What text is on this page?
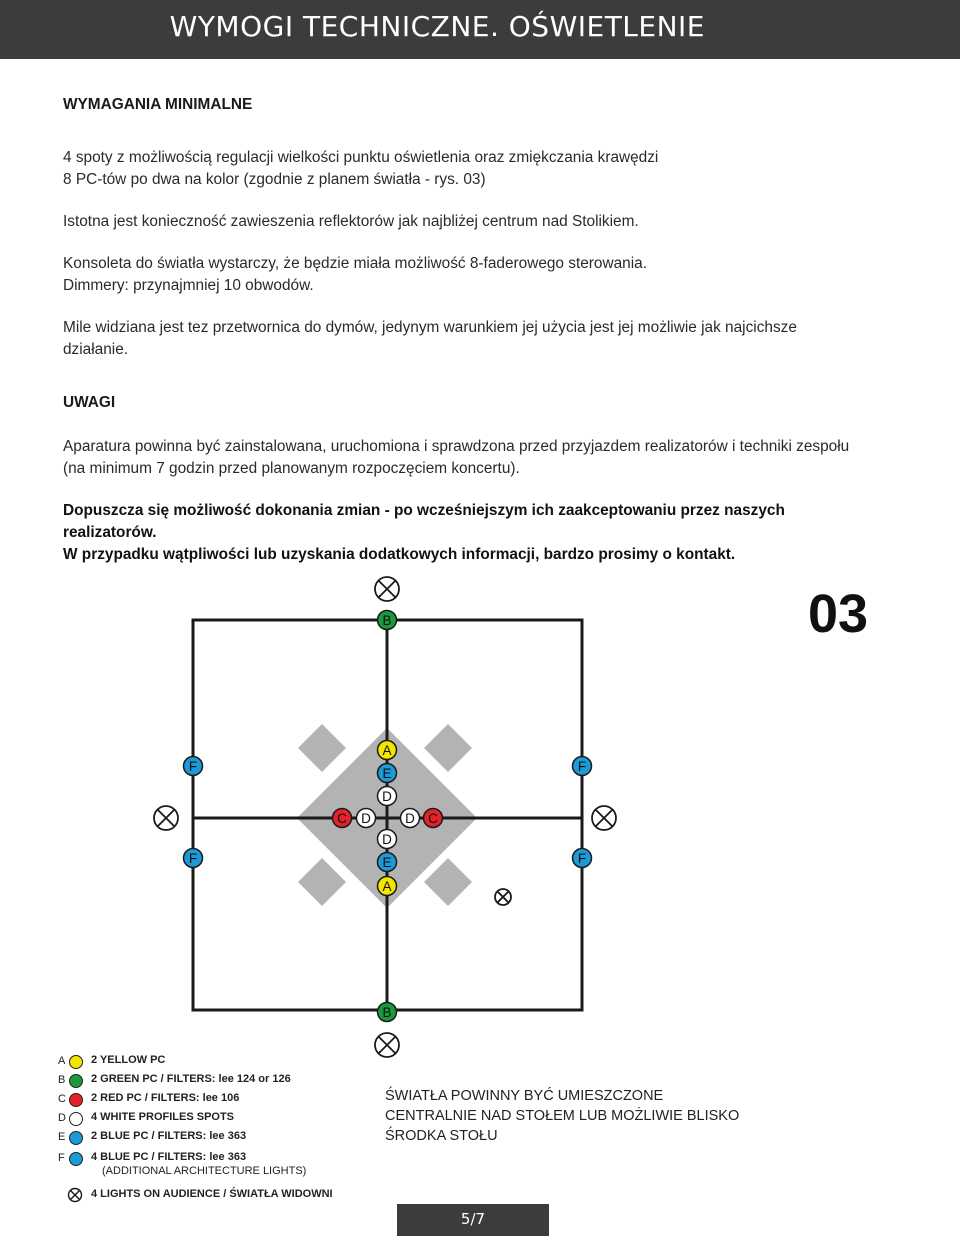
WYMOGI TECHNICZNE. OŚWIETLENIE

WYMAGANIA MINIMALNE

4 spoty z możliwością regulacji wielkości punktu oświetlenia oraz zmiękczania krawędzi

8 PC-tów po dwa na kolor (zgodnie z planem światła - rys. 03)

Istotna jest konieczność zawieszenia reflektorów jak najbliżej centrum nad Stolikiem.

Konsoleta do światła wystarczy, że będzie miała możliwość 8-faderowego sterowania.

Dimmery: przynajmniej 10 obwodów.

Mile widziana jest tez przetwornica do dymów, jedynym warunkiem jej użycia jest jej możliwie jak najcichsze działanie.

UWAGI

Aparatura powinna być zainstalowana, uruchomiona i sprawdzona przed przyjazdem realizatorów i techniki zespołu (na minimum 7 godzin przed planowanym rozpoczęciem koncertu).

Dopuszcza się możliwość dokonania zmian - po wcześniejszym ich zaakceptowaniu przez naszych realizatorów.

W przypadku wątpliwości lub uzyskania dodatkowych informacji, bardzo prosimy o kontakt.

B
B
A
E
D
D
E
A
C D	D C
F
F
F
F
03
A 2 YELLOW PC
B 2 GREEN PC / FILTERS: lee 124 or 126
C 2 RED PC / FILTERS: lee 106
D 4 WHITE PROFILES SPOTS
E 2 BLUE PC / FILTERS: lee 363
F 4 BLUE PC / FILTERS: lee 363
(ADDITIONAL ARCHITECTURE LIGHTS)
4 LIGHTS ON AUDIENCE / ŚWIATŁA WIDOWNI
ŚWIATŁA POWINNY BYĆ UMIESZCZONE
CENTRALNIE NAD STOŁEM LUB MOŻLIWIE BLISKO
ŚRODKA STOŁU
5/7
